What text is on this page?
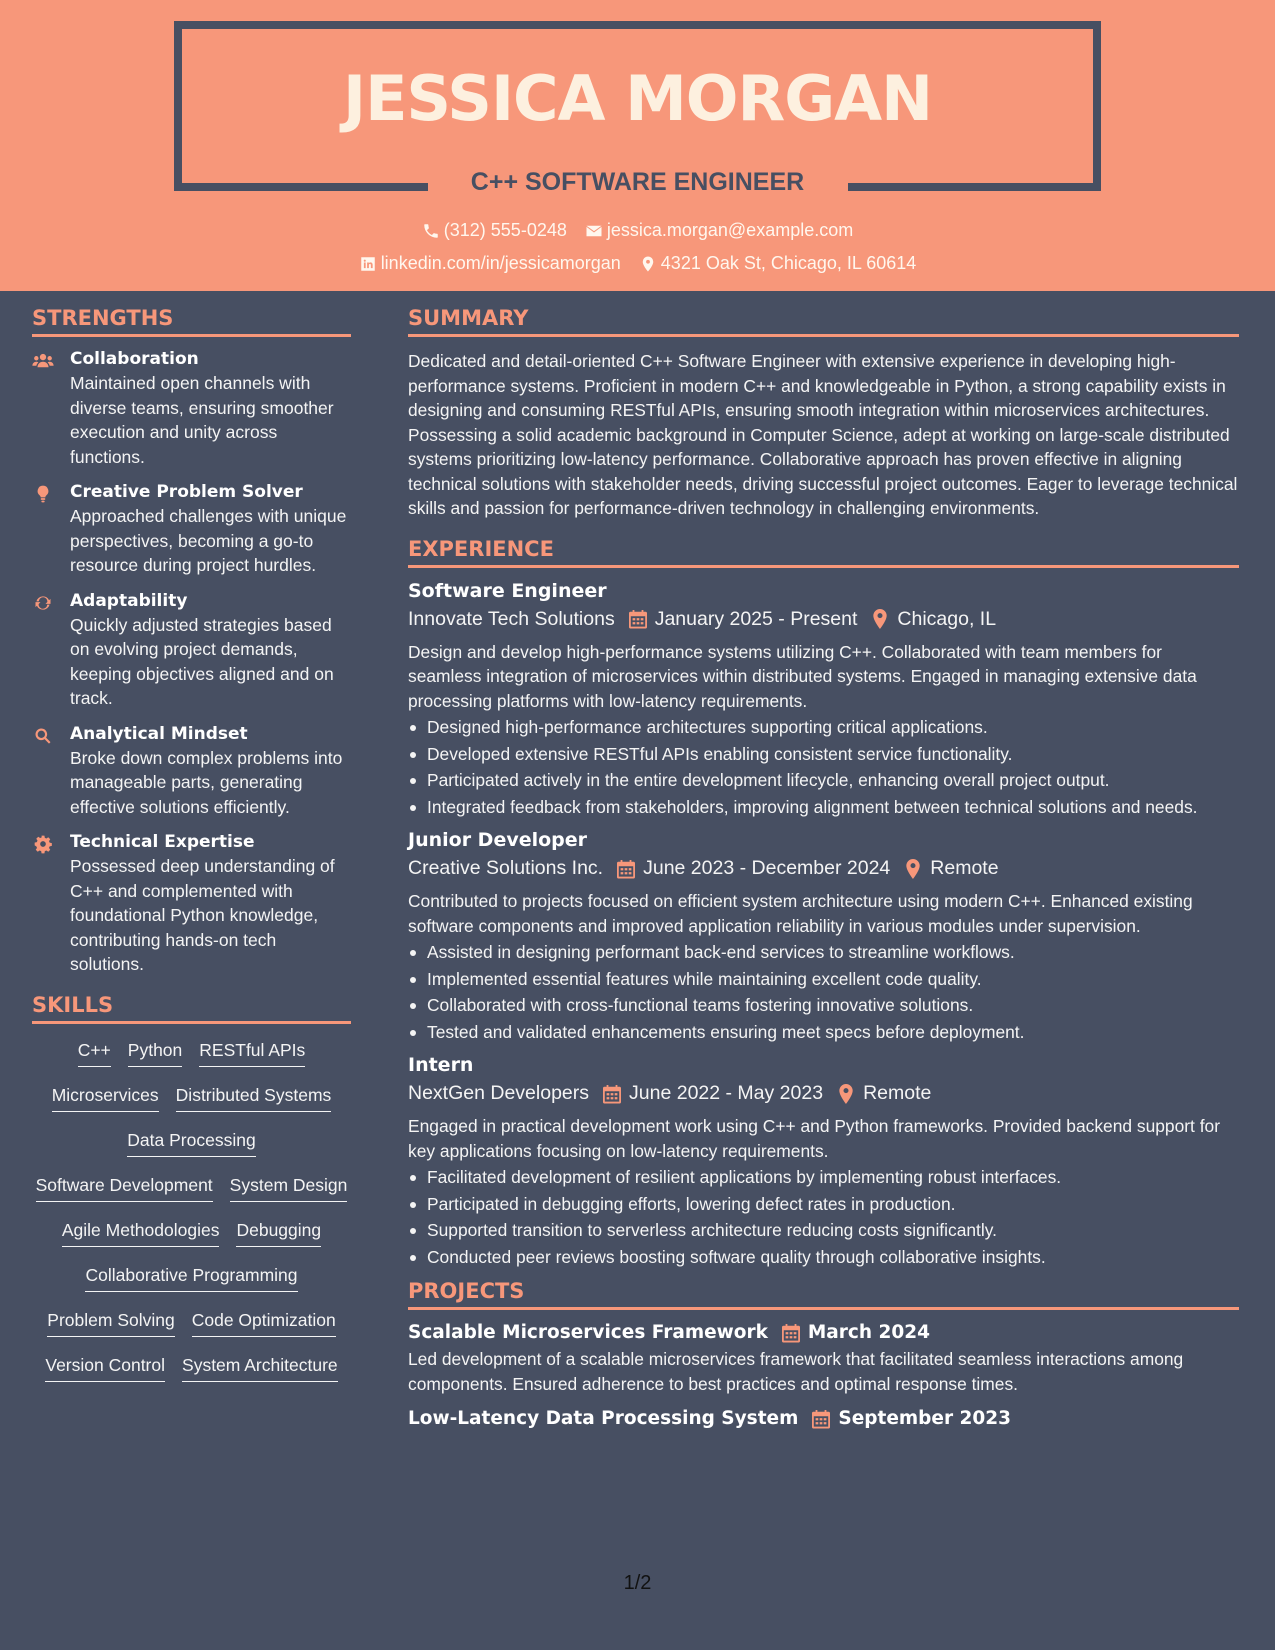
JESSICA MORGAN
C++ SOFTWARE ENGINEER
(312) 555-0248 jessica.morgan@example.com
linkedin.com/in/jessicamorgan 4321 Oak St, Chicago, IL 60614
STRENGTHS
Collaboration
Maintained open channels with diverse teams, ensuring smoother execution and unity across functions.
Creative Problem Solver
Approached challenges with unique perspectives, becoming a go-to resource during project hurdles.
Adaptability
Quickly adjusted strategies based on evolving project demands, keeping objectives aligned and on track.
Analytical Mindset
Broke down complex problems into manageable parts, generating effective solutions efficiently.
Technical Expertise
Possessed deep understanding of C++ and complemented with foundational Python knowledge, contributing hands-on tech solutions.
SKILLS
C++ Python RESTful APIs
Microservices Distributed Systems
Data Processing
Software Development System Design
Agile Methodologies Debugging
Collaborative Programming
Problem Solving Code Optimization
Version Control System Architecture
SUMMARY
Dedicated and detail-oriented C++ Software Engineer with extensive experience in developing high-performance systems. Proficient in modern C++ and knowledgeable in Python, a strong capability exists in designing and consuming RESTful APIs, ensuring smooth integration within microservices architectures. Possessing a solid academic background in Computer Science, adept at working on large-scale distributed systems prioritizing low-latency performance. Collaborative approach has proven effective in aligning technical solutions with stakeholder needs, driving successful project outcomes. Eager to leverage technical skills and passion for performance-driven technology in challenging environments.
EXPERIENCE
Software Engineer
Innovate Tech Solutions January 2025 - Present Chicago, IL
Design and develop high-performance systems utilizing C++. Collaborated with team members for seamless integration of microservices within distributed systems. Engaged in managing extensive data processing platforms with low-latency requirements.
Designed high-performance architectures supporting critical applications.
Developed extensive RESTful APIs enabling consistent service functionality.
Participated actively in the entire development lifecycle, enhancing overall project output.
Integrated feedback from stakeholders, improving alignment between technical solutions and needs.
Junior Developer
Creative Solutions Inc. June 2023 - December 2024 Remote
Contributed to projects focused on efficient system architecture using modern C++. Enhanced existing software components and improved application reliability in various modules under supervision.
Assisted in designing performant back-end services to streamline workflows.
Implemented essential features while maintaining excellent code quality.
Collaborated with cross-functional teams fostering innovative solutions.
Tested and validated enhancements ensuring meet specs before deployment.
Intern
NextGen Developers June 2022 - May 2023 Remote
Engaged in practical development work using C++ and Python frameworks. Provided backend support for key applications focusing on low-latency requirements.
Facilitated development of resilient applications by implementing robust interfaces.
Participated in debugging efforts, lowering defect rates in production.
Supported transition to serverless architecture reducing costs significantly.
Conducted peer reviews boosting software quality through collaborative insights.
PROJECTS
Scalable Microservices Framework March 2024
Led development of a scalable microservices framework that facilitated seamless interactions among components. Ensured adherence to best practices and optimal response times.
Low-Latency Data Processing System September 2023
1/2
